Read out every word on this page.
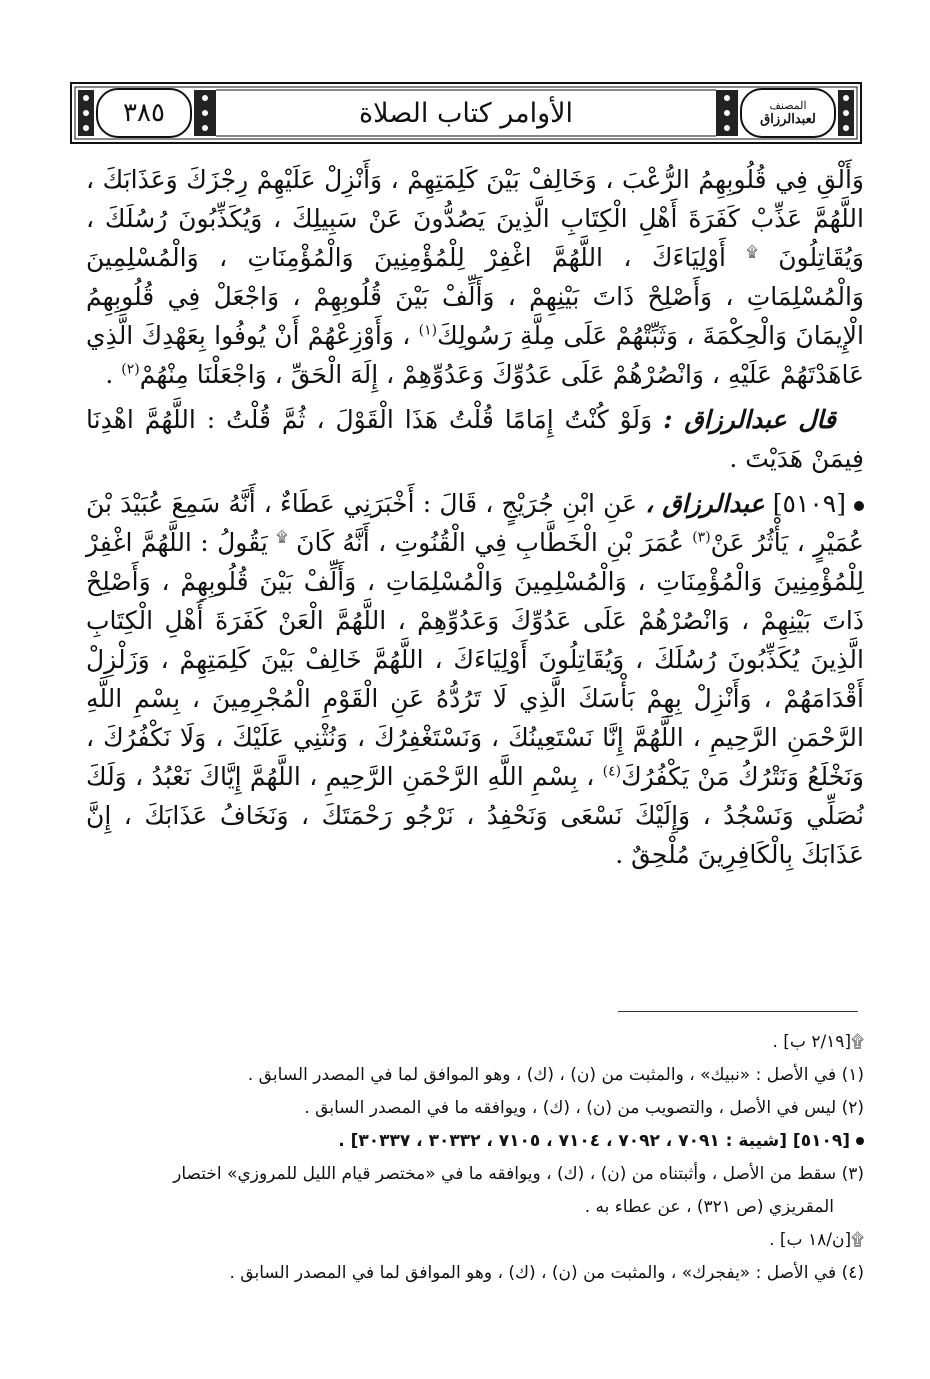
٣٨٥	الأوامر كتاب الصلاة	المصنف
لعبدالرزاق

وَأَلْقِ فِي قُلُوبِهِمُ الرُّعْبَ ، وَخَالِفْ بَيْنَ كَلِمَتِهِمْ ، وَأَنْزِلْ عَلَيْهِمْ رِجْزَكَ وَعَذَابَكَ ، اللَّهُمَّ عَذِّبْ كَفَرَةَ أَهْلِ الْكِتَابِ الَّذِينَ يَصُدُّونَ عَنْ سَبِيلِكَ ، وَيُكَذِّبُونَ رُسُلَكَ ، وَيُقَاتِلُونَ ۩ أَوْلِيَاءَكَ ، اللَّهُمَّ اغْفِرْ لِلْمُؤْمِنِينَ وَالْمُؤْمِنَاتِ ، وَالْمُسْلِمِينَ وَالْمُسْلِمَاتِ ، وَأَصْلِحْ ذَاتَ بَيْنِهِمْ ، وَأَلِّفْ بَيْنَ قُلُوبِهِمْ ، وَاجْعَلْ فِي قُلُوبِهِمُ الْإِيمَانَ وَالْحِكْمَةَ ، وَثَبِّتْهُمْ عَلَى مِلَّةِ رَسُولِكَ$^{(١)}$ ، وَأَوْزِعْهُمْ أَنْ يُوفُوا بِعَهْدِكَ الَّذِي عَاهَدْتَهُمْ عَلَيْهِ ، وَانْصُرْهُمْ عَلَى عَدُوِّكَ وَعَدُوِّهِمْ ، إِلَهَ الْحَقِّ ، وَاجْعَلْنَا مِنْهُمْ$^{(٢)}$ .

قال عبدالرزاق : وَلَوْ كُنْتُ إِمَامًا قُلْتُ هَذَا الْقَوْلَ ، ثُمَّ قُلْتُ : اللَّهُمَّ اهْدِنَا فِيمَنْ هَدَيْتَ .

[٥١٠٩] عبدالرزاق ، عَنِ ابْنِ جُرَيْجٍ ، قَالَ : أَخْبَرَنِي عَطَاءٌ ، أَنَّهُ سَمِعَ عُبَيْدَ بْنَ عُمَيْرٍ ، يَأْثُرُ عَنْ$^{(٣)}$ عُمَرَ بْنِ الْخَطَّابِ فِي الْقُنُوتِ ، أَنَّهُ كَانَ ۩ يَقُولُ : اللَّهُمَّ اغْفِرْ لِلْمُؤْمِنِينَ وَالْمُؤْمِنَاتِ ، وَالْمُسْلِمِينَ وَالْمُسْلِمَاتِ ، وَأَلِّفْ بَيْنَ قُلُوبِهِمْ ، وَأَصْلِحْ ذَاتَ بَيْنِهِمْ ، وَانْصُرْهُمْ عَلَى عَدُوِّكَ وَعَدُوِّهِمْ ، اللَّهُمَّ الْعَنْ كَفَرَةَ أَهْلِ الْكِتَابِ الَّذِينَ يُكَذِّبُونَ رُسُلَكَ ، وَيُقَاتِلُونَ أَوْلِيَاءَكَ ، اللَّهُمَّ خَالِفْ بَيْنَ كَلِمَتِهِمْ ، وَزَلْزِلْ أَقْدَامَهُمْ ، وَأَنْزِلْ بِهِمْ بَأْسَكَ الَّذِي لَا تَرُدُّهُ عَنِ الْقَوْمِ الْمُجْرِمِينَ ، بِسْمِ اللَّهِ الرَّحْمَنِ الرَّحِيمِ ، اللَّهُمَّ إِنَّا نَسْتَعِينُكَ ، وَنَسْتَغْفِرُكَ ، وَنُثْنِي عَلَيْكَ ، وَلَا نَكْفُرُكَ ، وَنَخْلَعُ وَنَتْرُكُ مَنْ يَكْفُرُكَ$^{(٤)}$ ، بِسْمِ اللَّهِ الرَّحْمَنِ الرَّحِيمِ ، اللَّهُمَّ إِيَّاكَ نَعْبُدُ ، وَلَكَ نُصَلِّي وَنَسْجُدُ ، وَإِلَيْكَ نَسْعَى وَنَحْفِدُ ، نَرْجُو رَحْمَتَكَ ، وَنَخَافُ عَذَابَكَ ، إِنَّ عَذَابَكَ بِالْكَافِرِينَ مُلْحِقٌ .

۩[٢/١٩ ب] .

(١) في الأصل : «نبيك» ، والمثبت من (ن) ، (ك) ، وهو الموافق لما في المصدر السابق .

(٢) ليس في الأصل ، والتصويب من (ن) ، (ك) ، ويوافقه ما في المصدر السابق .

[٥١٠٩] [شيبة : ٧٠٩١ ، ٧٠٩٢ ، ٧١٠٤ ، ٧١٠٥ ، ٣٠٣٣٢ ، ٣٠٣٣٧] .

(٣) سقط من الأصل ، وأثبتناه من (ن) ، (ك) ، ويوافقه ما في «مختصر قيام الليل للمروزي» اختصار

المقريزي (ص ٣٢١) ، عن عطاء به .

۩[ن/١٨ ب] .

(٤) في الأصل : «يفجرك» ، والمثبت من (ن) ، (ك) ، وهو الموافق لما في المصدر السابق .
